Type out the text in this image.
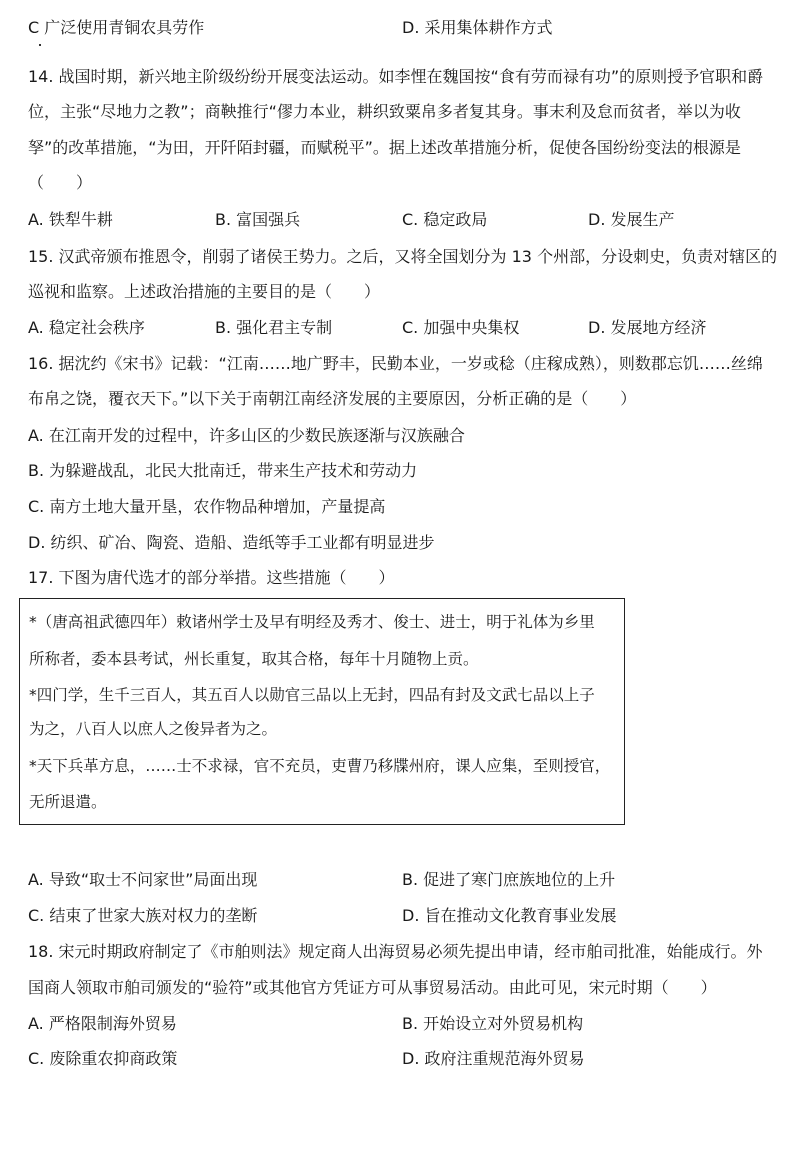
C 广泛使用青铜农具劳作	D. 采用集体耕作方式
14. 战国时期，新兴地主阶级纷纷开展变法运动。如李悝在魏国按“食有劳而禄有功”的原则授予官职和爵
位，主张“尽地力之教”；商鞅推行“僇力本业，耕织致粟帛多者复其身。事末利及怠而贫者，举以为收
孥”的改革措施，“为田，开阡陌封疆，而赋税平”。据上述改革措施分析，促使各国纷纷变法的根源是
（　　）
A. 铁犁牛耕	B. 富国强兵	C. 稳定政局	D. 发展生产
15. 汉武帝颁布推恩令，削弱了诸侯王势力。之后，又将全国划分为 13 个州部，分设刺史，负责对辖区的
巡视和监察。上述政治措施的主要目的是（　　）
A. 稳定社会秩序	B. 强化君主专制	C. 加强中央集权	D. 发展地方经济
16. 据沈约《宋书》记载：“江南……地广野丰，民勤本业，一岁或稔（庄稼成熟），则数郡忘饥……丝绵
布帛之饶，覆衣天下。”以下关于南朝江南经济发展的主要原因，分析正确的是（　　）
A. 在江南开发的过程中，许多山区的少数民族逐渐与汉族融合
B. 为躲避战乱，北民大批南迁，带来生产技术和劳动力
C. 南方土地大量开垦，农作物品种增加，产量提高
D. 纺织、矿冶、陶瓷、造船、造纸等手工业都有明显进步
17. 下图为唐代选才的部分举措。这些措施（　　）
*（唐高祖武德四年）敕诸州学士及早有明经及秀才、俊士、进士，明于礼体为乡里
所称者，委本县考试，州长重复，取其合格，每年十月随物上贡。
*四门学，生千三百人，其五百人以勋官三品以上无封，四品有封及文武七品以上子
为之，八百人以庶人之俊异者为之。
*天下兵革方息，……士不求禄，官不充员，吏曹乃移牒州府，课人应集，至则授官，
无所退遣。
A. 导致“取士不问家世”局面出现	B. 促进了寒门庶族地位的上升
C. 结束了世家大族对权力的垄断	D. 旨在推动文化教育事业发展
18. 宋元时期政府制定了《市舶则法》规定商人出海贸易必须先提出申请，经市舶司批准，始能成行。外
国商人领取市舶司颁发的“验符”或其他官方凭证方可从事贸易活动。由此可见，宋元时期（　　）
A. 严格限制海外贸易	B. 开始设立对外贸易机构
C. 废除重农抑商政策	D. 政府注重规范海外贸易
